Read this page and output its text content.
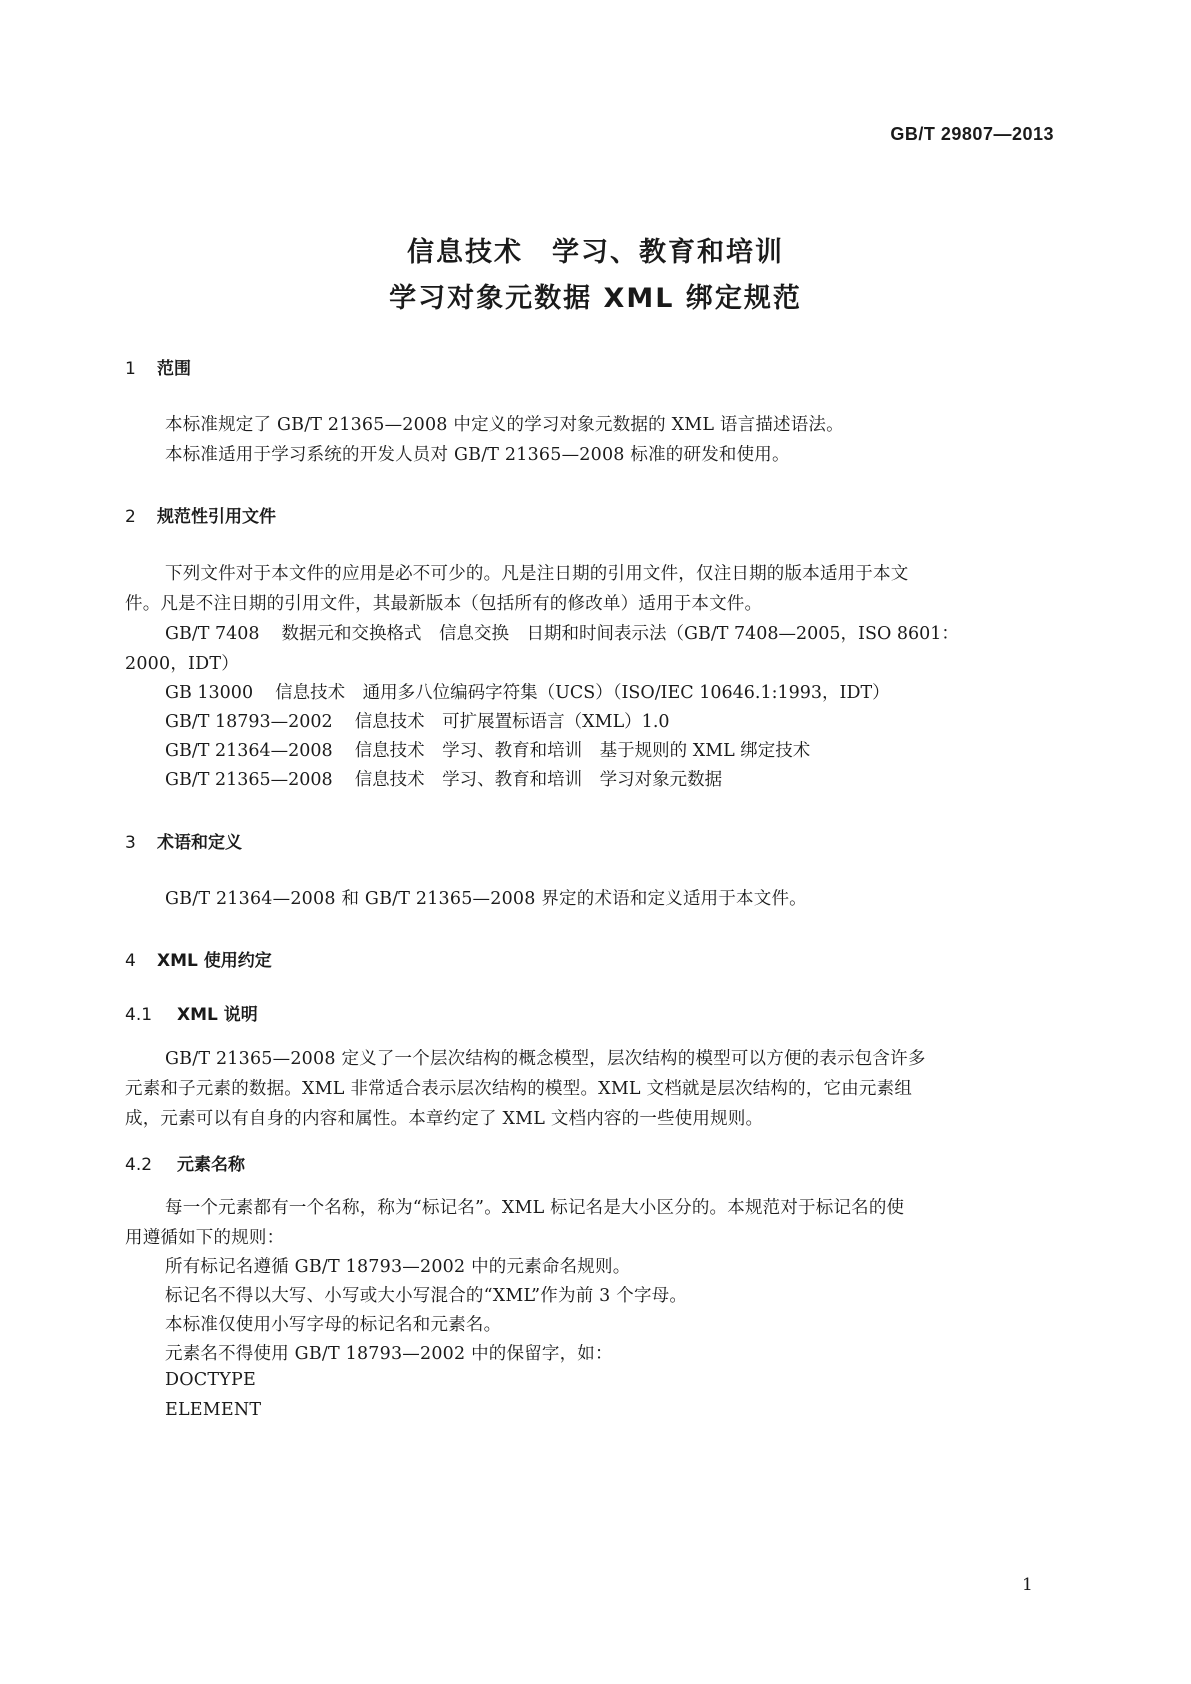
GB/T 29807—2013
信息技术　学习、教育和培训
学习对象元数据 XML 绑定规范
1 范围
本标准规定了 GB/T 21365—2008 中定义的学习对象元数据的 XML 语言描述语法。
本标准适用于学习系统的开发人员对 GB/T 21365—2008 标准的研发和使用。
2 规范性引用文件
下列文件对于本文件的应用是必不可少的。凡是注日期的引用文件，仅注日期的版本适用于本文
件。凡是不注日期的引用文件，其最新版本（包括所有的修改单）适用于本文件。
GB/T 7408 数据元和交换格式　信息交换　日期和时间表示法（GB/T 7408—2005，ISO 8601：
2000，IDT）
GB 13000 信息技术　通用多八位编码字符集（UCS）（ISO/IEC 10646.1:1993，IDT）
GB/T 18793—2002 信息技术　可扩展置标语言（XML）1.0
GB/T 21364—2008 信息技术　学习、教育和培训　基于规则的 XML 绑定技术
GB/T 21365—2008 信息技术　学习、教育和培训　学习对象元数据
3 术语和定义
GB/T 21364—2008 和 GB/T 21365—2008 界定的术语和定义适用于本文件。
4 XML 使用约定
4.1 XML 说明
GB/T 21365—2008 定义了一个层次结构的概念模型，层次结构的模型可以方便的表示包含许多
元素和子元素的数据。XML 非常适合表示层次结构的模型。XML 文档就是层次结构的，它由元素组
成，元素可以有自身的内容和属性。本章约定了 XML 文档内容的一些使用规则。
4.2 元素名称
每一个元素都有一个名称，称为“标记名”。XML 标记名是大小区分的。本规范对于标记名的使
用遵循如下的规则：
所有标记名遵循 GB/T 18793—2002 中的元素命名规则。
标记名不得以大写、小写或大小写混合的“XML”作为前 3 个字母。
本标准仅使用小写字母的标记名和元素名。
元素名不得使用 GB/T 18793—2002 中的保留字，如：
DOCTYPE
ELEMENT
1
